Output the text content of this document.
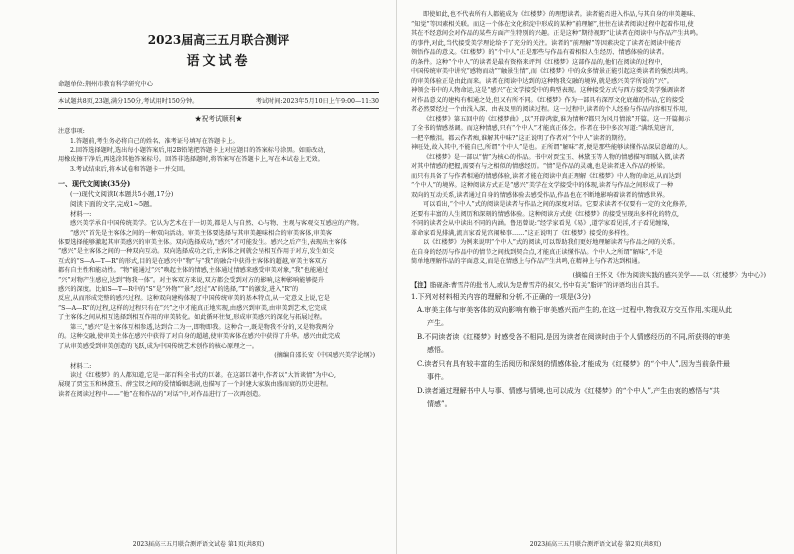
2023届高三五月联合测评
语文试卷
命题单位:荆州市教育科学研究中心
本试题共8页,23题,满分150分,考试用时150分钟。	考试时间:2023年5月10日上午9:00—11:30
★祝考试顺利★
注意事项:
1.答题前,考生务必将自己的姓名、准考证号填写在答题卡上。
2.回答选择题时,选出每小题答案后,用2B铅笔把答题卡上对应题目的答案标号涂黑。如需改动,
用橡皮擦干净后,再选涂其他答案标号。回答非选择题时,将答案写在答题卡上,写在本试卷上无效。
3.考试结束后,将本试卷和答题卡一并交回。
一、现代文阅读(35分)
(一)现代文阅读Ⅰ(本题共5小题,17分)
阅读下面的文字,完成1~5题。
材料一:
感兴美学承自中国传统美学。它认为艺术在于一切美,都是人与自然、心与物、主观与客观交互感应的产物。
“感兴”首先是主客体之间的一种双向活动。审美主体要选择与其审美趣味相合的审美客体,审美客
体要选择能够激起其审美感兴的审美主体。双向选择成功,“感兴”才可能发生。感兴之后产生,表现出主客体
“感兴”是主客体之间的一种双向互动。双向选择成功之后,主客体之间就会呈相互作用于对方,发生如交
互式的“S—A—T—R”的形式,目的是在感兴中“物”与“我”的融合中获得主客体的超越,审美主客双方
都有自主性和能动性。“物”能通过“兴”唤起主体的情感,主体通过情感来感受审美对象,“我”也能通过
“兴”对物产生感应,达到“物我一体”。对主客双方来说,双方都会受到对方的影响,这种影响能够提升
感兴的深度。比如S—T—R中的“S”是“外物”“景”,经过“A”的选择,“T”的激发,进入“R”的
反应,从而形成完整的感兴过程。这种双向建构体现了中国传统审美的基本特点,从一定意义上说,它是
“S—A—R”的过程,这样的过程只有在“兴”之中才能真正地实现,由感兴到审美,由审美到艺术,它完成
了主客体之间从相互选择到相互作用的审美转化。如此循环往复,形成审美感兴的深化与拓展过程。
第三,“感兴”是主客体互相参透,达到合二为一,即物即我。这种合一,既是物我不分的,又是物我两分
的。这种交融,使审美主体在感兴中获得了对自身的超越,使审美客体在感兴中获得了升华。感兴由此完成
了从审美感受到审美创造的飞跃,成为中国传统艺术创作的核心原理之一。
(摘编自邵长安《中国感兴美学论纲》)
材料二:
读过《红楼梦》的人都知道,它是一部百科全书式的巨著。在这部巨著中,作者以“大旨谈情”为中心,
展现了贾宝玉和林黛玉、薛宝钗之间的爱情婚姻悲剧,也描写了一个封建大家族由盛而衰的历史进程。
读者在阅读过程中——“他”在和作品的“对话”中,对作品进行了一次再创造。
2023届高三五月联合测评语文试卷 第1页(共8页)
即使如此,也不代表所有人都能成为《红楼梦》的理想读者。读者能否进入作品,与其自身的审美趣味、
“知觉”等因素相关联。而这一个体在文化积淀中形成的某种“前理解”,往往在读者阅读过程中起着作用,使
其在不经意间会对作品的某些方面产生特别的兴趣。正是这种“期待视野”让读者在阅读中与作品产生共鸣。
的事件,对此,当代接受美学理论给予了充分的关注。读者的“前理解”等因素决定了读者在阅读中能否
领悟作品的意义。《红楼梦》的“个中人”正是那些与作品有着相似人生经历、情感体验的读者。
的条件。这种“个中人”的读者是最有资格来评判《红楼梦》这部作品的,他们在阅读的过程中,
中国传统审美中讲究“感物而动”“触景生情”,而《红楼梦》中的众多情景正能引起这类读者的强烈共鸣。
的审美体验正是由此而来。读者在阅读中达到的这种物我交融的境界,就是感兴美学所说的“兴”。
神领会书中的人物命运,这是“感兴”在文学接受中的典型表现。这种接受方式与西方接受美学强调读者
对作品意义的建构有相通之处,但又有所不同。《红楼梦》作为一部具有深厚文化底蕴的作品,它的接受
者必然要经过一个由浅入深、由表及里的阅读过程。这一过程中,读者的个人经验与作品内容相互作用,
《红楼梦》第五回中的《红楼梦曲》,以“开辟鸿蒙,谁为情种?都只为风月情浓”开篇。这一开篇揭示
了全书的情感基调。而这种情感,只有“个中人”才能真正体会。作者在书中多次写道:“满纸荒唐言,
一把辛酸泪。都云作者痴,谁解其中味?”这正说明了作者对“个中人”读者的期待。
神旺处,故入其中,不能自已,所谓“个中人”是也。正所谓“解味”者,便是那些能够读懂作品深层意蕴的人。
《红楼梦》是一部以“情”为核心的作品。书中对贾宝玉、林黛玉等人物的情感描写细腻入微,读者
对其中情感的把握,需要有与之相似的情感经历。“情”是作品的灵魂,也是读者进入作品的桥梁。
而只有具备了与作者相通的情感体验,读者才能在阅读中真正理解《红楼梦》中人物的命运,从而达到
“个中人”的境界。这种阅读方式正是“感兴”美学在文学接受中的体现,读者与作品之间形成了一种
双向的互动关系,读者通过自身的情感体验去感受作品,作品也在不断地影响着读者的情感世界。
可以看出,“个中人”式的阅读是读者与作品之间的深度对话。它要求读者不仅要有一定的文化修养,
还要有丰富的人生阅历和深刻的情感体验。这种阅读方式使《红楼梦》的接受呈现出多样化的特点,
不同的读者会从中读出不同的内涵。鲁迅曾说:“经学家看见《易》,道学家看见淫,才子看见缠绵,
革命家看见排满,流言家看见宫闱秘事……”这正说明了《红楼梦》接受的多样性。
以《红楼梦》为例来说明“个中人”式的阅读,可以帮助我们更好地理解读者与作品之间的关系。
在自身的经历与作品中的情节之间找到契合点,才能真正读懂作品。个中人之所谓“解味”,不是
简单地理解作品的字面意义,而是在情感上与作品产生共鸣,在精神上与作者达到相通。
(摘编自王怀义《作为阅读实践的感兴美学——以〈红楼梦〉为中心》)
【注】脂砚斋:曹雪芹的批书人,或认为是曹雪芹的叔父,书中有关“脂评”的评语均出自其手。
1.下列对材料相关内容的理解和分析,不正确的一项是(3分)
A.审美主体与审美客体的双向影响有赖于审美感兴而产生的,在这一过程中,物我双方交互作用,实现从此
产生。
B.不同读者读《红楼梦》时感受各不相同,是因为读者在阅读时由于个人情感经历的不同,所获得的审美
感悟。
C.读者只有具有较丰富的生活阅历和深刻的情感体验,才能成为《红楼梦》的“个中人”,因为当前条件最
事件。
D.读者通过理解书中人与事、情感与情境,也可以成为《红楼梦》的“个中人”,产生由衷的感悟与“共
情感”。
2023届高三五月联合测评语文试卷 第2页(共8页)
